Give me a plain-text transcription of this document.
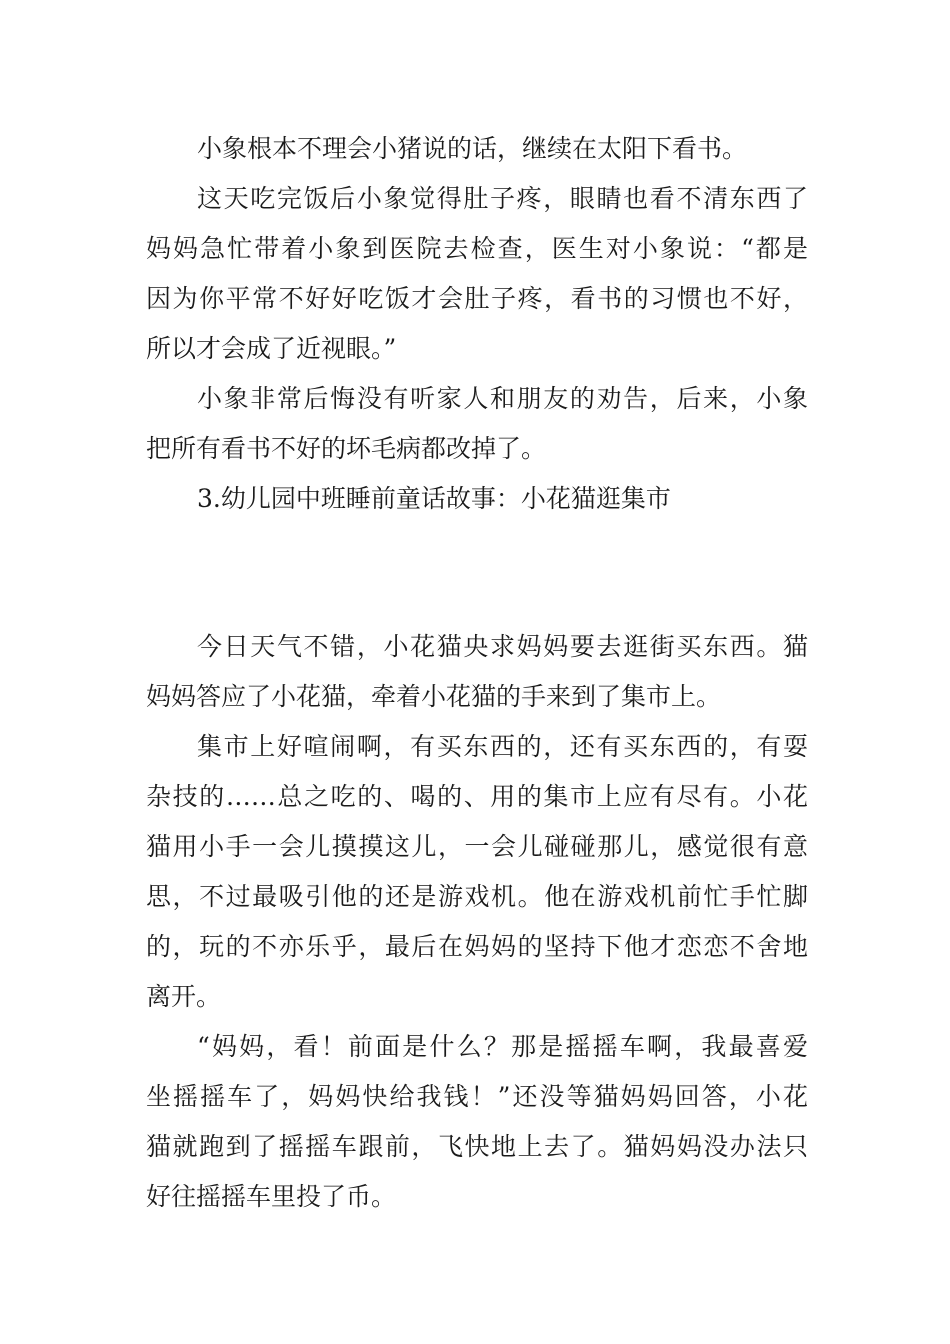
小象根本不理会小猪说的话，继续在太阳下看书。

这天吃完饭后小象觉得肚子疼，眼睛也看不清东西了

妈妈急忙带着小象到医院去检查，医生对小象说：“都是

因为你平常不好好吃饭才会肚子疼，看书的习惯也不好，

所以才会成了近视眼。”

小象非常后悔没有听家人和朋友的劝告，后来，小象

把所有看书不好的坏毛病都改掉了。

3.幼儿园中班睡前童话故事：小花猫逛集市

今日天气不错，小花猫央求妈妈要去逛街买东西。猫

妈妈答应了小花猫，牵着小花猫的手来到了集市上。

集市上好喧闹啊，有买东西的，还有买东西的，有耍

杂技的……总之吃的、喝的、用的集市上应有尽有。小花

猫用小手一会儿摸摸这儿，一会儿碰碰那儿，感觉很有意

思，不过最吸引他的还是游戏机。他在游戏机前忙手忙脚

的，玩的不亦乐乎，最后在妈妈的坚持下他才恋恋不舍地

离开。

“妈妈，看！前面是什么？那是摇摇车啊，我最喜爱

坐摇摇车了，妈妈快给我钱！”还没等猫妈妈回答，小花

猫就跑到了摇摇车跟前，飞快地上去了。猫妈妈没办法只

好往摇摇车里投了币。
